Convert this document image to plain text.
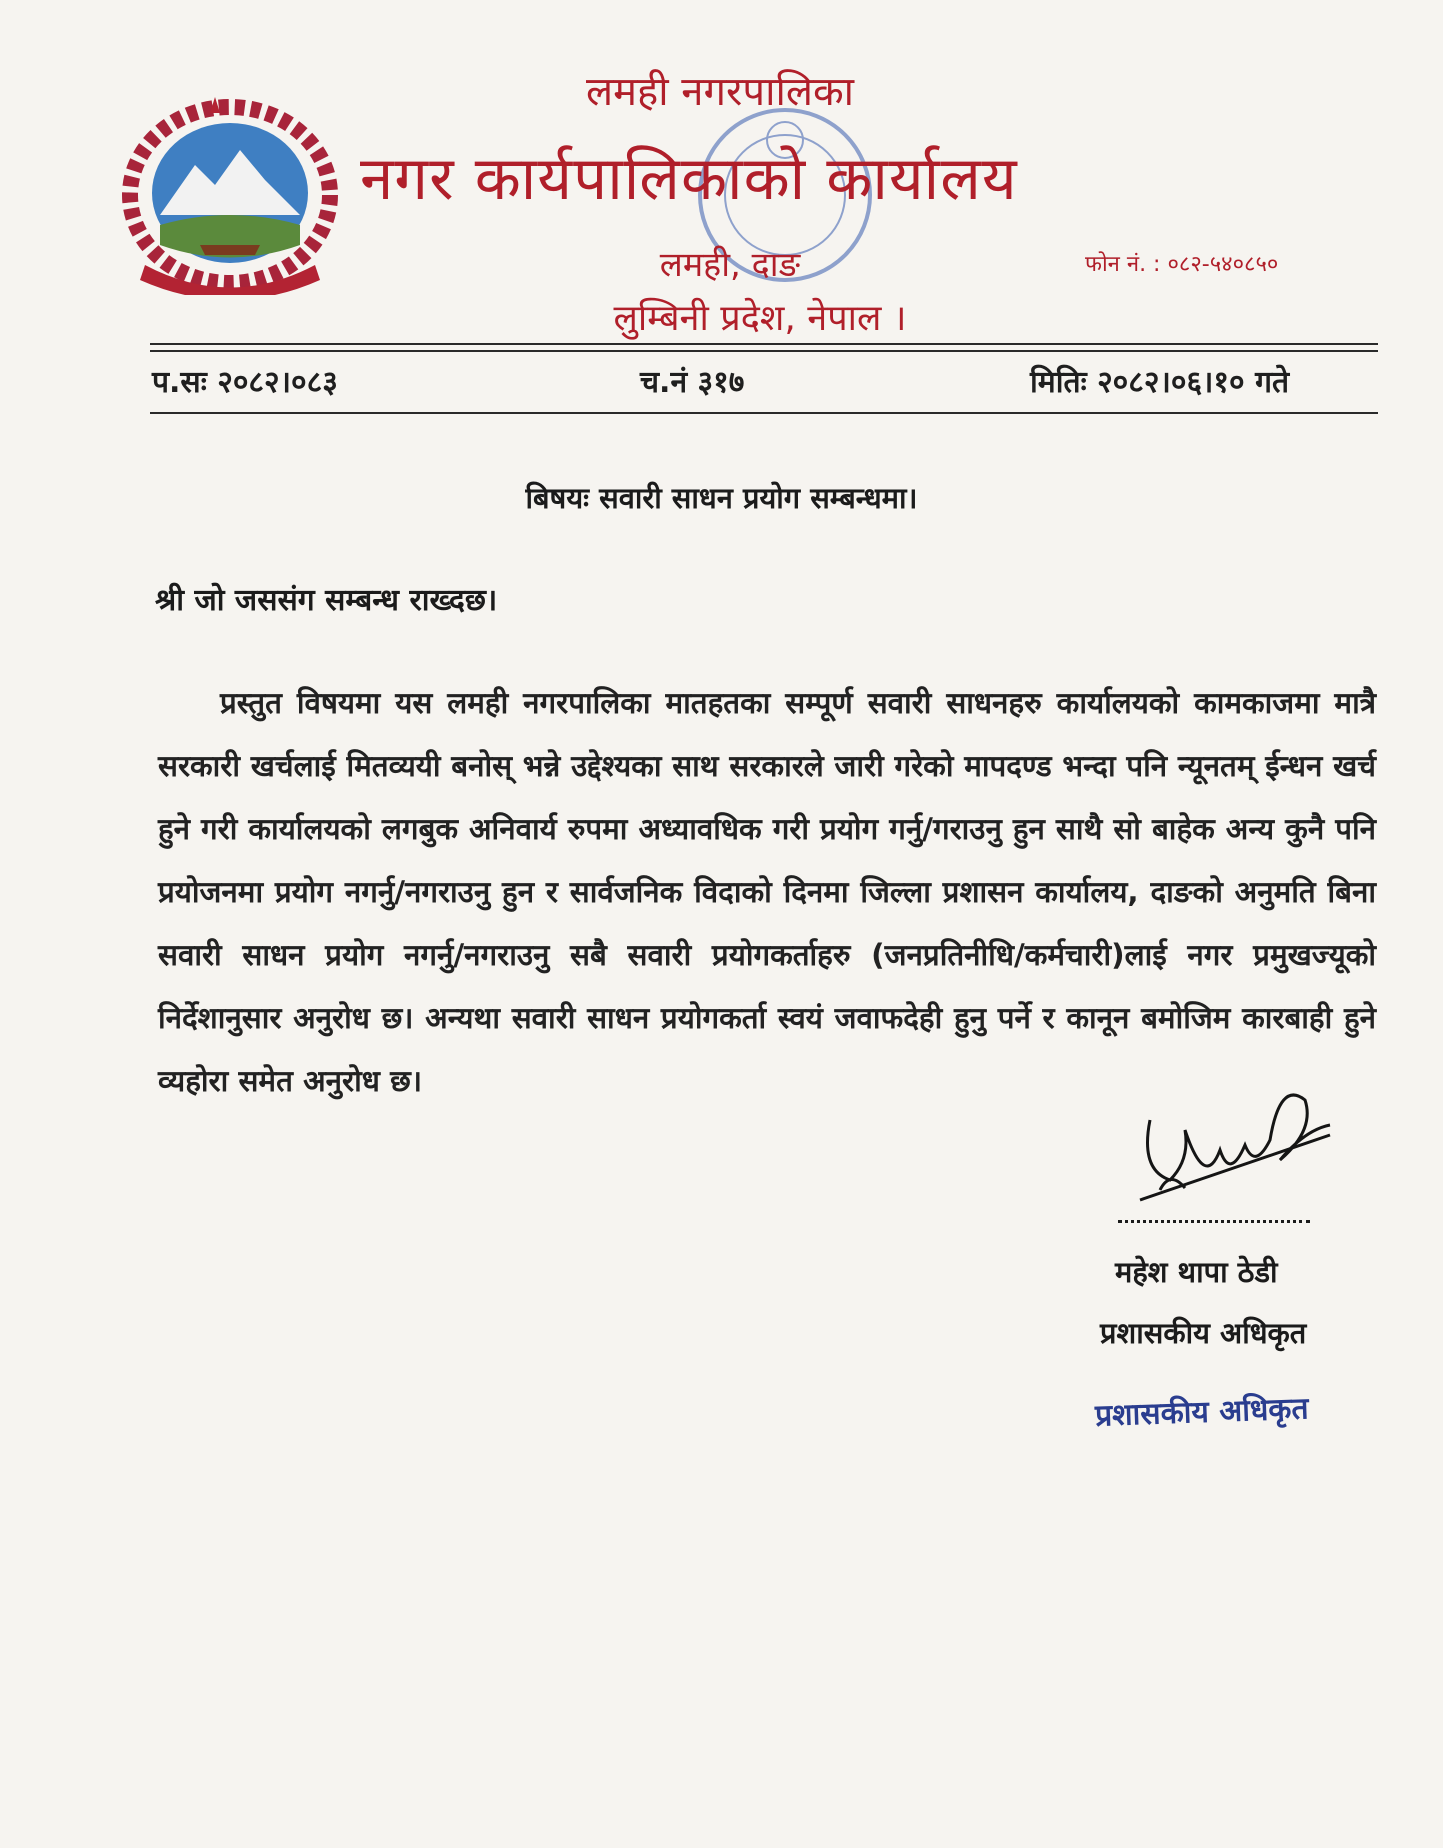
लमही नगरपालिका
नगर कार्यपालिकाको कार्यालय
लमही, दाङ
लुम्बिनी प्रदेश, नेपाल ।
फोन नं. : ०८२-५४०८५०
प.सः २०८२।०८३	च.नं ३१७	मितिः २०८२।०६।१० गते
बिषयः सवारी साधन प्रयोग सम्बन्धमा।
श्री जो जससंग सम्बन्ध राख्दछ।
प्रस्तुत विषयमा यस लमही नगरपालिका मातहतका सम्पूर्ण सवारी साधनहरु कार्यालयको कामकाजमा मात्रै सरकारी खर्चलाई मितव्ययी बनोस् भन्ने उद्देश्यका साथ सरकारले जारी गरेको मापदण्ड भन्दा पनि न्यूनतम् ईन्धन खर्च हुने गरी कार्यालयको लगबुक अनिवार्य रुपमा अध्यावधिक गरी प्रयोग गर्नु/गराउनु हुन साथै सो बाहेक अन्य कुनै पनि प्रयोजनमा प्रयोग नगर्नु/नगराउनु हुन र सार्वजनिक विदाको दिनमा जिल्ला प्रशासन कार्यालय, दाङको अनुमति बिना सवारी साधन प्रयोग नगर्नु/नगराउनु सबै सवारी प्रयोगकर्ताहरु (जनप्रतिनीधि/कर्मचारी)लाई नगर प्रमुखज्यूको निर्देशानुसार अनुरोध छ। अन्यथा सवारी साधन प्रयोगकर्ता स्वयं जवाफदेही हुनु पर्ने र कानून बमोजिम कारबाही हुने व्यहोरा समेत अनुरोध छ।
महेश थापा ठेडी
प्रशासकीय अधिकृत
प्रशासकीय अधिकृत
